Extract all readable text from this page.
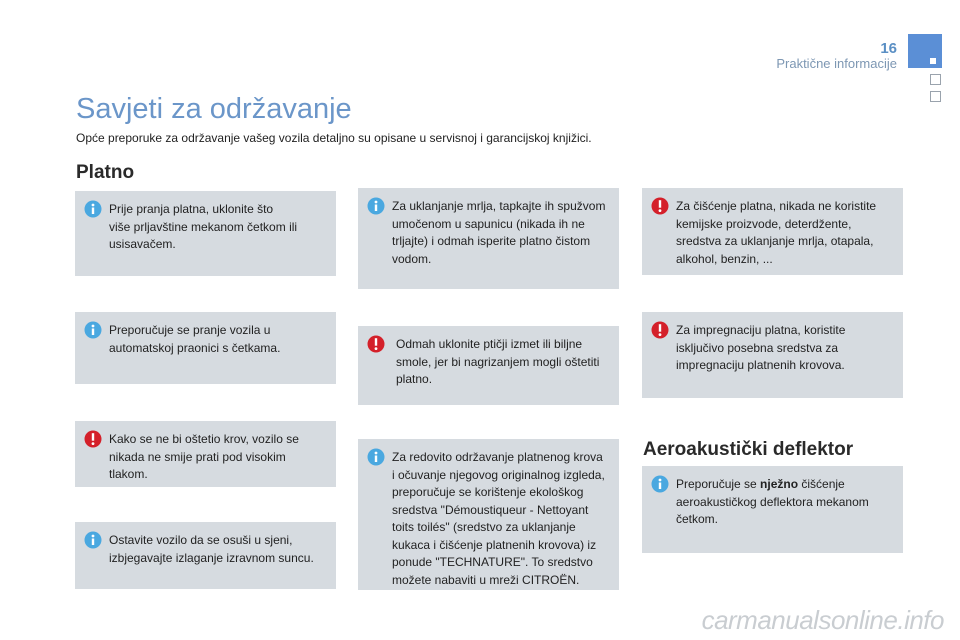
16
Praktične informacije
Savjeti za održavanje
Opće preporuke za održavanje vašeg vozila detaljno su opisane u servisnoj i garancijskoj knjižici.
Platno
Prije pranja platna, uklonite što
više prljavštine mekanom četkom ili usisavačem.
Preporučuje se pranje vozila u automatskoj praonici s četkama.
Kako se ne bi oštetio krov, vozilo se nikada ne smije prati pod visokim tlakom.
Ostavite vozilo da se osuši u sjeni, izbjegavajte izlaganje izravnom suncu.
Za uklanjanje mrlja, tapkajte ih spužvom umočenom u sapunicu (nikada ih ne trljajte) i odmah isperite platno čistom vodom.
Odmah uklonite ptičji izmet ili biljne smole, jer bi nagrizanjem mogli oštetiti platno.
Za redovito održavanje platnenog krova i očuvanje njegovog originalnog izgleda, preporučuje se korištenje ekološkog sredstva "Démoustiqueur - Nettoyant toits toilés" (sredstvo za uklanjanje kukaca i čišćenje platnenih krovova) iz ponude "TECHNATURE". To sredstvo možete nabaviti u mreži CITROËN.
Za čišćenje platna, nikada ne koristite kemijske proizvode, deterdžente, sredstva za uklanjanje mrlja, otapala, alkohol, benzin, ...
Za impregnaciju platna, koristite isključivo posebna sredstva za impregnaciju platnenih krovova.
Aeroakustički deflektor
Preporučuje se nježno čišćenje aeroakustičkog deflektora mekanom četkom.
carmanualsonline.info
